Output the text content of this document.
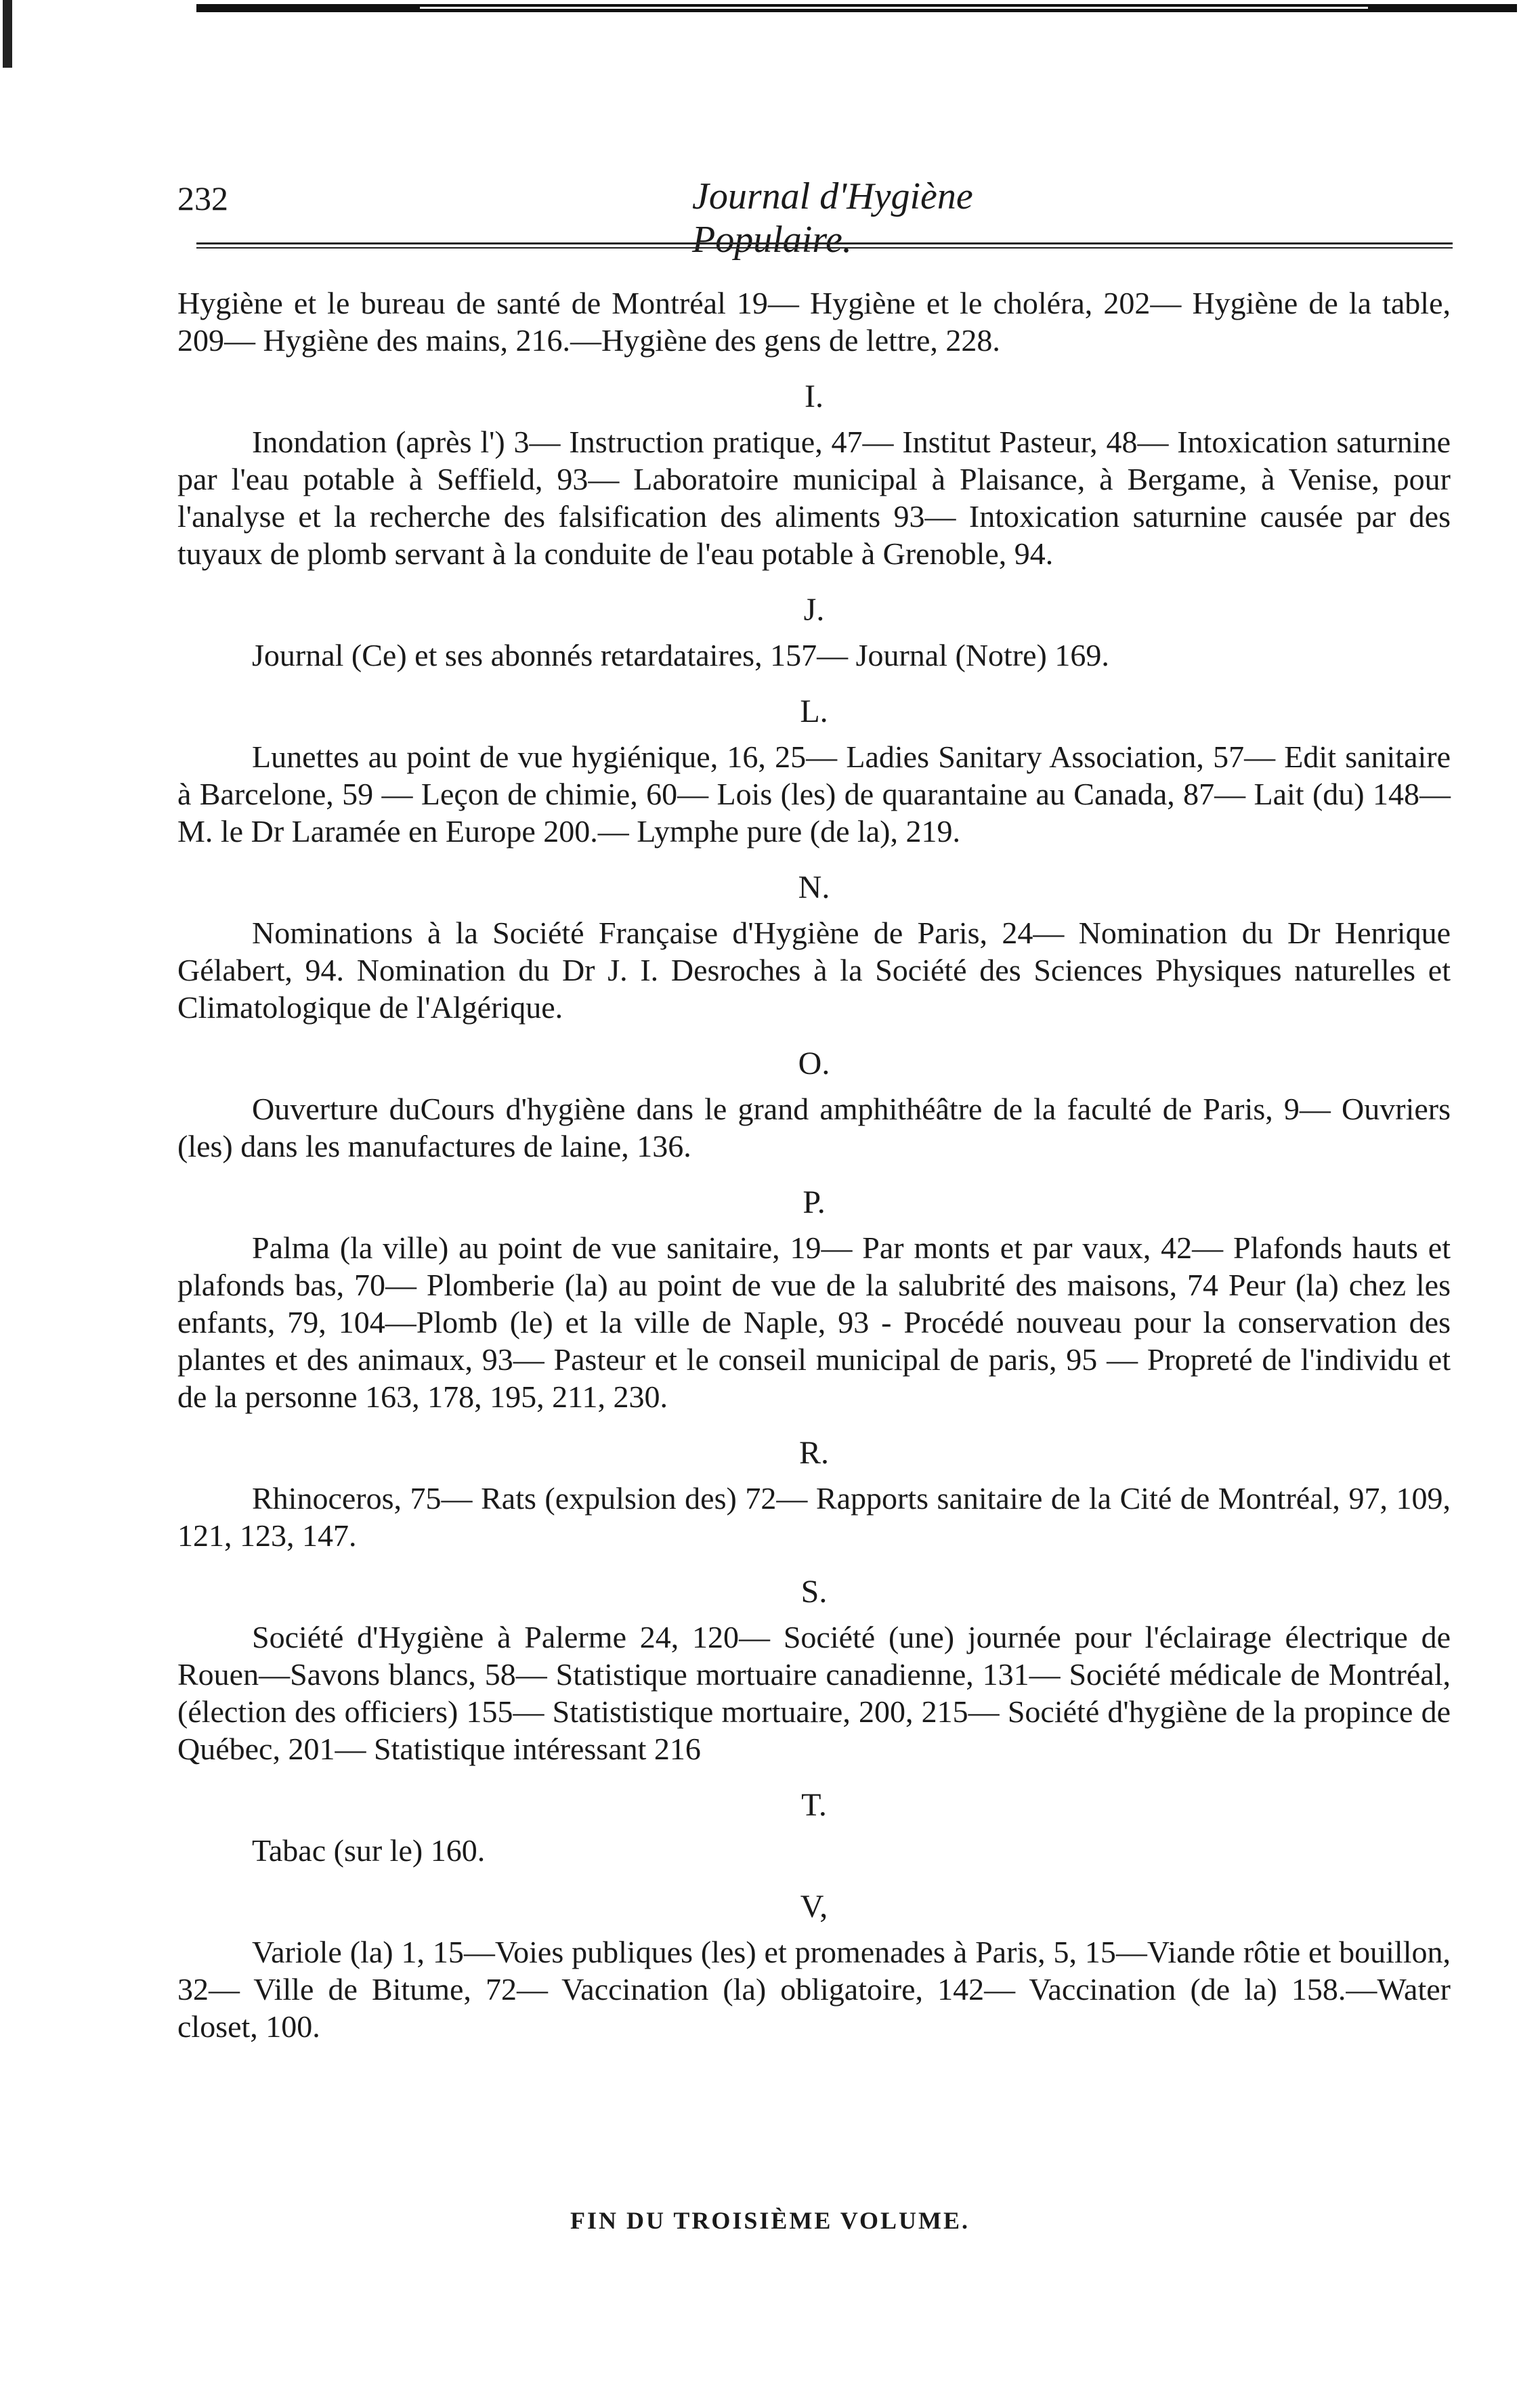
232	Journal d'Hygiène Populaire.

Hygiène et le bureau de santé de Montréal 19— Hygiène et le choléra, 202— Hygiène de la table, 209— Hygiène des mains, 216.—Hygiène des gens de lettre, 228.

I.

Inondation (après l') 3— Instruction pratique, 47— Institut Pasteur, 48— Intoxication saturnine par l'eau potable à Seffield, 93— Laboratoire municipal à Plaisance, à Bergame, à Venise, pour l'analyse et la recherche des falsification des aliments 93— Intoxication saturnine causée par des tuyaux de plomb servant à la conduite de l'eau potable à Grenoble, 94.

J.

Journal (Ce) et ses abonnés retardataires, 157— Journal (Notre) 169.

L.

Lunettes au point de vue hygiénique, 16, 25— Ladies Sanitary Association, 57— Edit sanitaire à Barcelone, 59 — Leçon de chimie, 60— Lois (les) de quarantaine au Canada, 87— Lait (du) 148— M. le Dr Laramée en Europe 200.— Lymphe pure (de la), 219.

N.

Nominations à la Société Française d'Hygiène de Paris, 24— Nomination du Dr Henrique Gélabert, 94. Nomination du Dr J. I. Desroches à la Société des Sciences Physiques naturelles et Climatologique de l'Algérique.

O.

Ouverture duCours d'hygiène dans le grand amphithéâtre de la faculté de Paris, 9— Ouvriers (les) dans les manufactures de laine, 136.

P.

Palma (la ville) au point de vue sanitaire, 19— Par monts et par vaux, 42— Plafonds hauts et plafonds bas, 70— Plomberie (la) au point de vue de la salubrité des maisons, 74 Peur (la) chez les enfants, 79, 104—Plomb (le) et la ville de Naple, 93 - Procédé nouveau pour la conservation des plantes et des animaux, 93— Pasteur et le conseil municipal de paris, 95 — Propreté de l'individu et de la personne 163, 178, 195, 211, 230.

R.

Rhinoceros, 75— Rats (expulsion des) 72— Rapports sanitaire de la Cité de Montréal, 97, 109, 121, 123, 147.

S.

Société d'Hygiène à Palerme 24, 120— Société (une) journée pour l'éclairage électrique de Rouen—Savons blancs, 58— Statistique mortuaire canadienne, 131— Société médicale de Montréal, (élection des officiers) 155— Statististique mortuaire, 200, 215— Société d'hygiène de la propince de Québec, 201— Statistique intéressant 216

T.

Tabac (sur le) 160.

V,

Variole (la) 1, 15—Voies publiques (les) et promenades à Paris, 5, 15—Viande rôtie et bouillon, 32— Ville de Bitume, 72— Vaccination (la) obligatoire, 142— Vaccination (de la) 158.—Water closet, 100.

FIN DU TROISIÈME VOLUME.
